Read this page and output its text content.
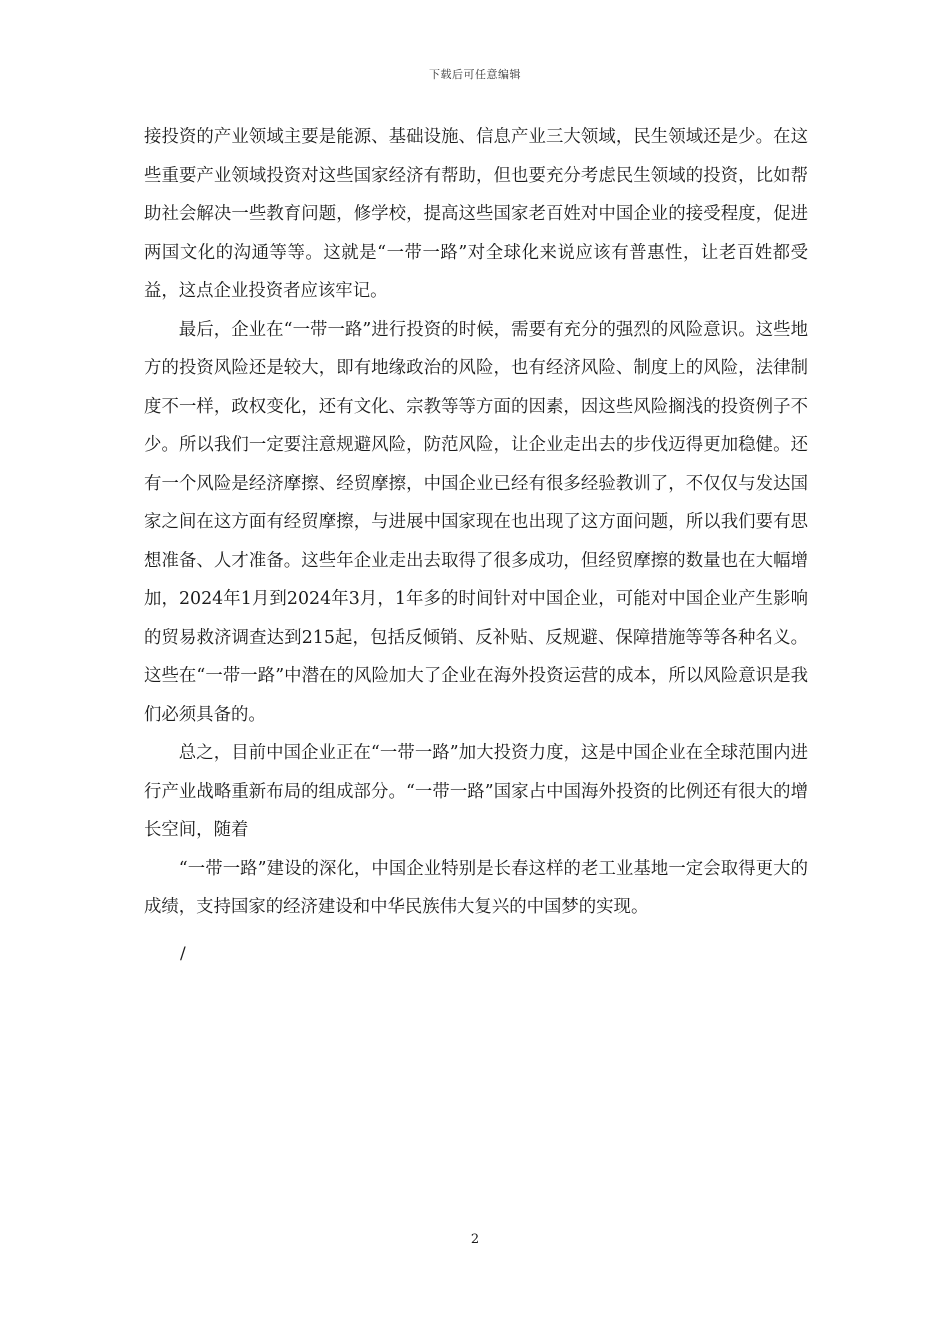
下载后可任意编辑

接投资的产业领域主要是能源、基础设施、信息产业三大领域，民生领域还是少。在这些重要产业领域投资对这些国家经济有帮助，但也要充分考虑民生领域的投资，比如帮助社会解决一些教育问题，修学校，提高这些国家老百姓对中国企业的接受程度，促进两国文化的沟通等等。这就是“一带一路”对全球化来说应该有普惠性，让老百姓都受益，这点企业投资者应该牢记。

最后，企业在“一带一路”进行投资的时候，需要有充分的强烈的风险意识。这些地方的投资风险还是较大，即有地缘政治的风险，也有经济风险、制度上的风险，法律制度不一样，政权变化，还有文化、宗教等等方面的因素，因这些风险搁浅的投资例子不少。所以我们一定要注意规避风险，防范风险，让企业走出去的步伐迈得更加稳健。还有一个风险是经济摩擦、经贸摩擦，中国企业已经有很多经验教训了，不仅仅与发达国家之间在这方面有经贸摩擦，与进展中国家现在也出现了这方面问题，所以我们要有思想准备、人才准备。这些年企业走出去取得了很多成功，但经贸摩擦的数量也在大幅增加，2024年1月到2024年3月，1年多的时间针对中国企业，可能对中国企业产生影响的贸易救济调查达到215起，包括反倾销、反补贴、反规避、保障措施等等各种名义。这些在“一带一路”中潜在的风险加大了企业在海外投资运营的成本，所以风险意识是我们必须具备的。

总之，目前中国企业正在“一带一路”加大投资力度，这是中国企业在全球范围内进行产业战略重新布局的组成部分。“一带一路”国家占中国海外投资的比例还有很大的增长空间，随着

“一带一路”建设的深化，中国企业特别是长春这样的老工业基地一定会取得更大的成绩，支持国家的经济建设和中华民族伟大复兴的中国梦的实现。

/
2
